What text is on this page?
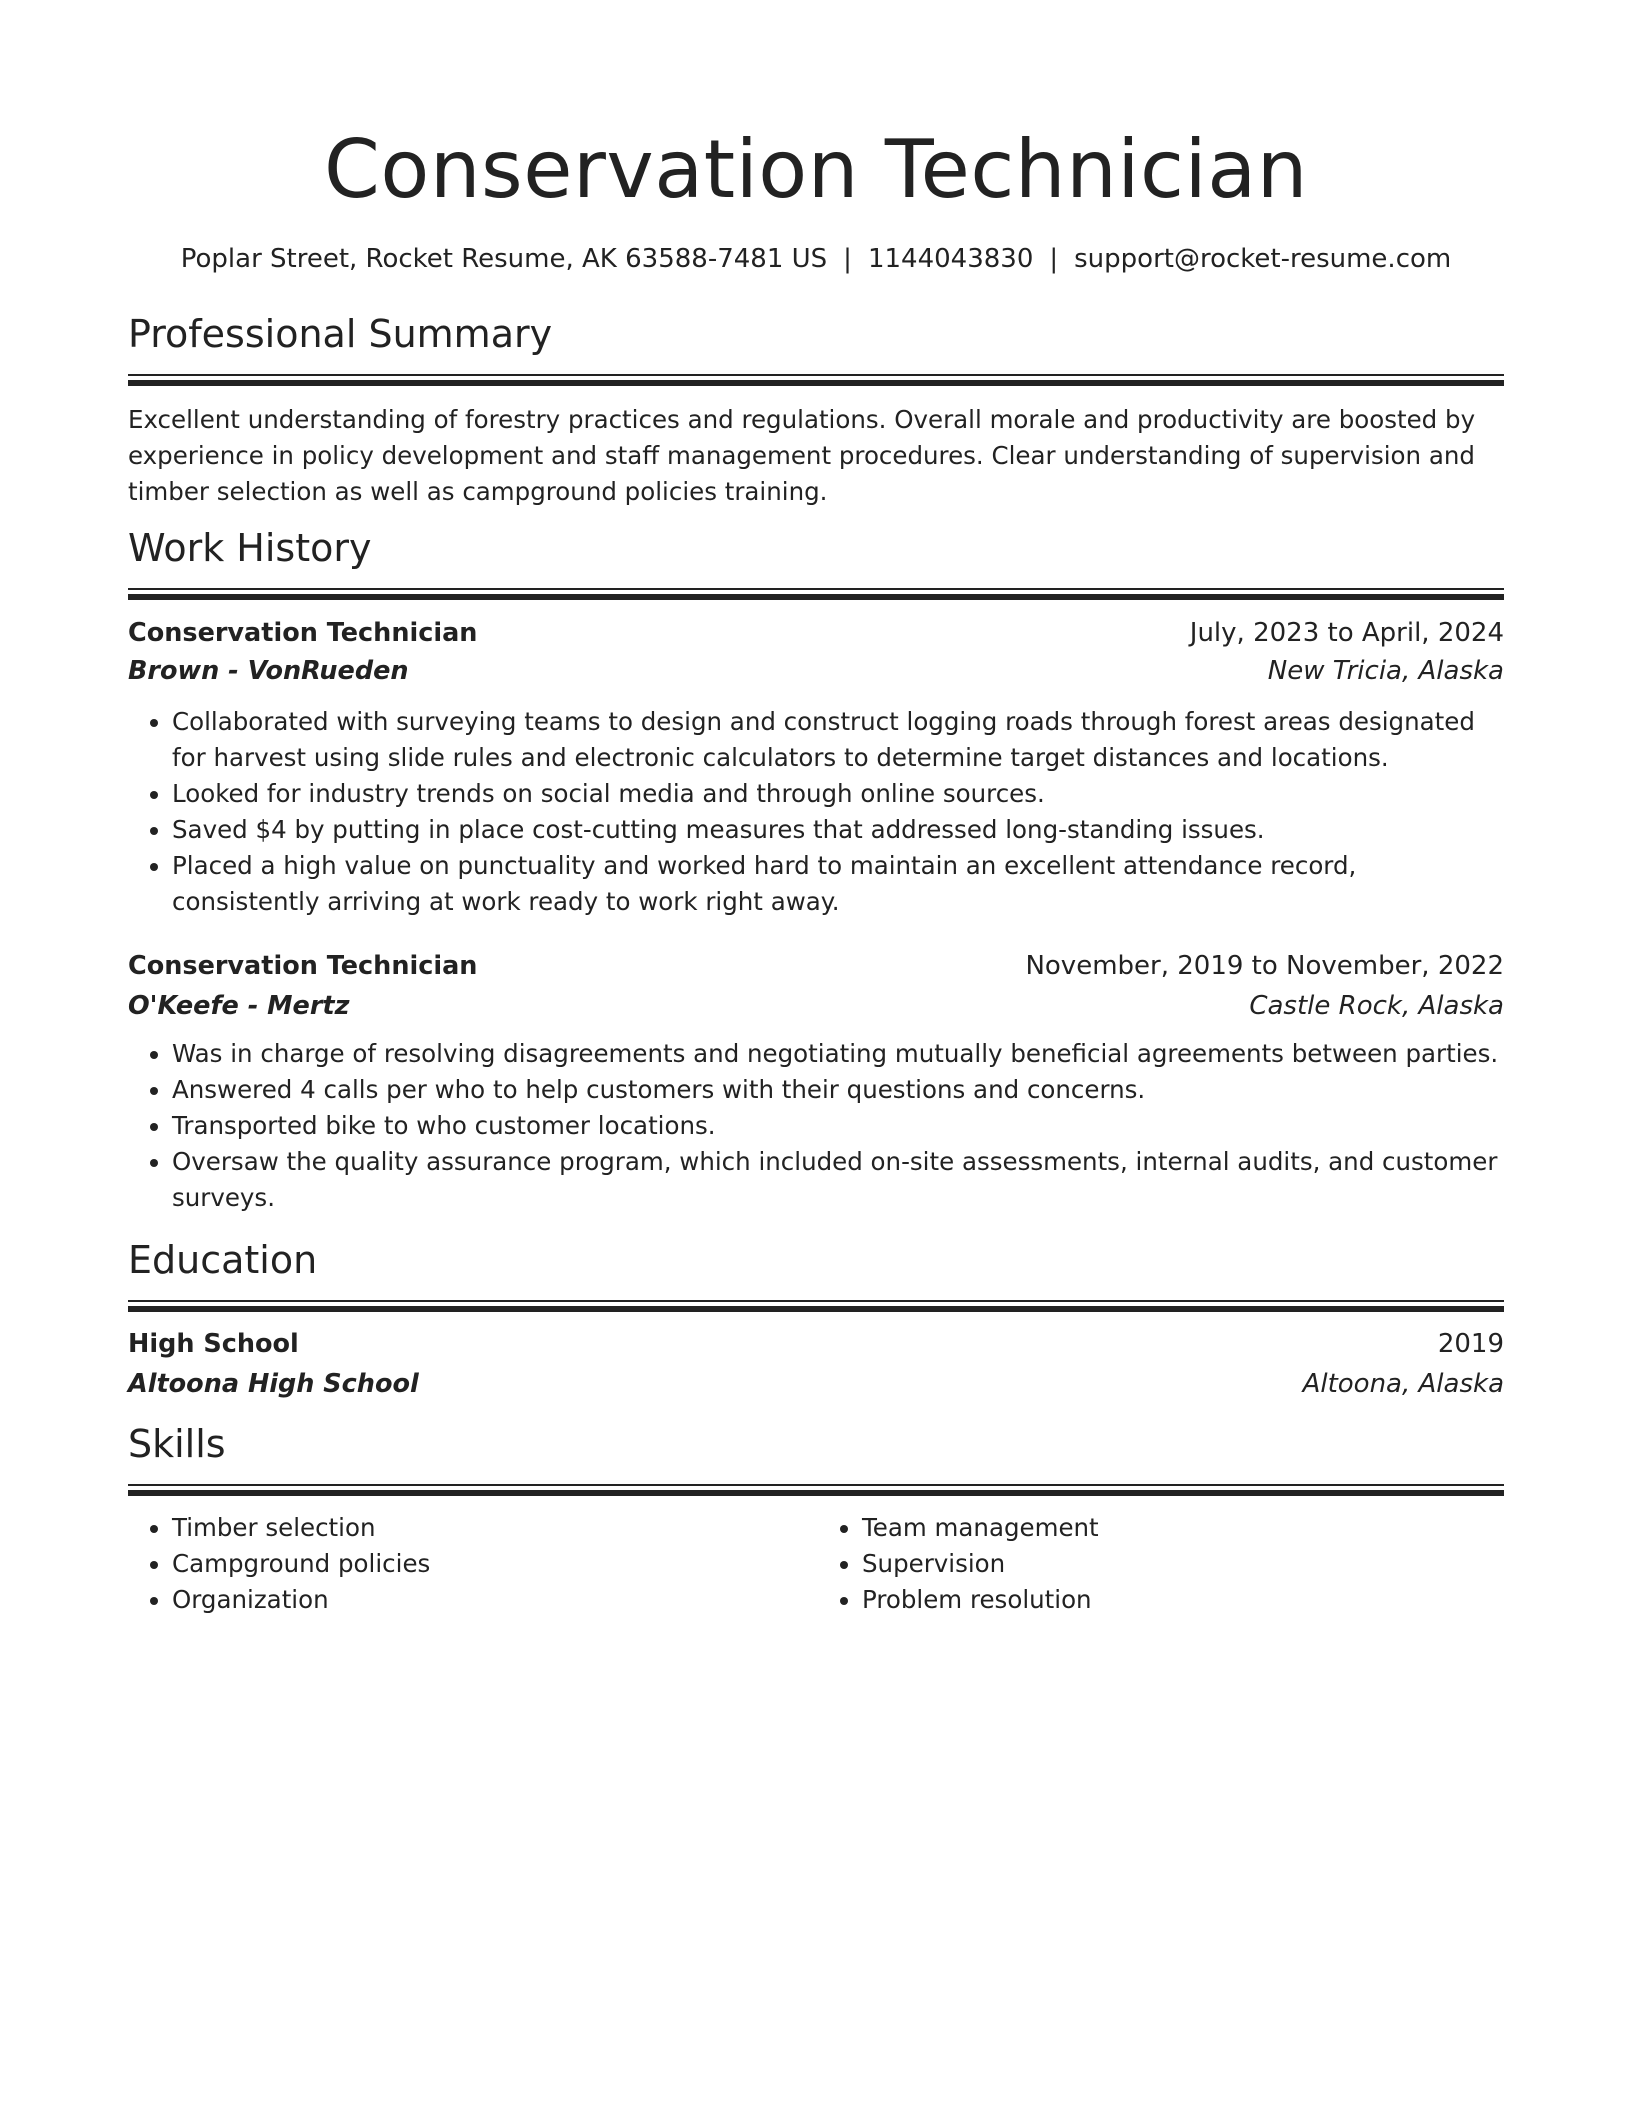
Conservation Technician
Poplar Street, Rocket Resume, AK 63588-7481 US | 1144043830 | support@rocket-resume.com
Professional Summary
Excellent understanding of forestry practices and regulations. Overall morale and productivity are boosted by experience in policy development and staff management procedures. Clear understanding of supervision and timber selection as well as campground policies training.
Work History
Conservation Technician	July, 2023 to April, 2024
Brown - VonRueden	New Tricia, Alaska
• Collaborated with surveying teams to design and construct logging roads through forest areas designated for harvest using slide rules and electronic calculators to determine target distances and locations.
• Looked for industry trends on social media and through online sources.
• Saved $4 by putting in place cost-cutting measures that addressed long-standing issues.
• Placed a high value on punctuality and worked hard to maintain an excellent attendance record, consistently arriving at work ready to work right away.
Conservation Technician	November, 2019 to November, 2022
O'Keefe - Mertz	Castle Rock, Alaska
• Was in charge of resolving disagreements and negotiating mutually beneficial agreements between parties.
• Answered 4 calls per who to help customers with their questions and concerns.
• Transported bike to who customer locations.
• Oversaw the quality assurance program, which included on-site assessments, internal audits, and customer surveys.
Education
High School	2019
Altoona High School	Altoona, Alaska
Skills
• Timber selection
• Campground policies
• Organization
• Team management
• Supervision
• Problem resolution
